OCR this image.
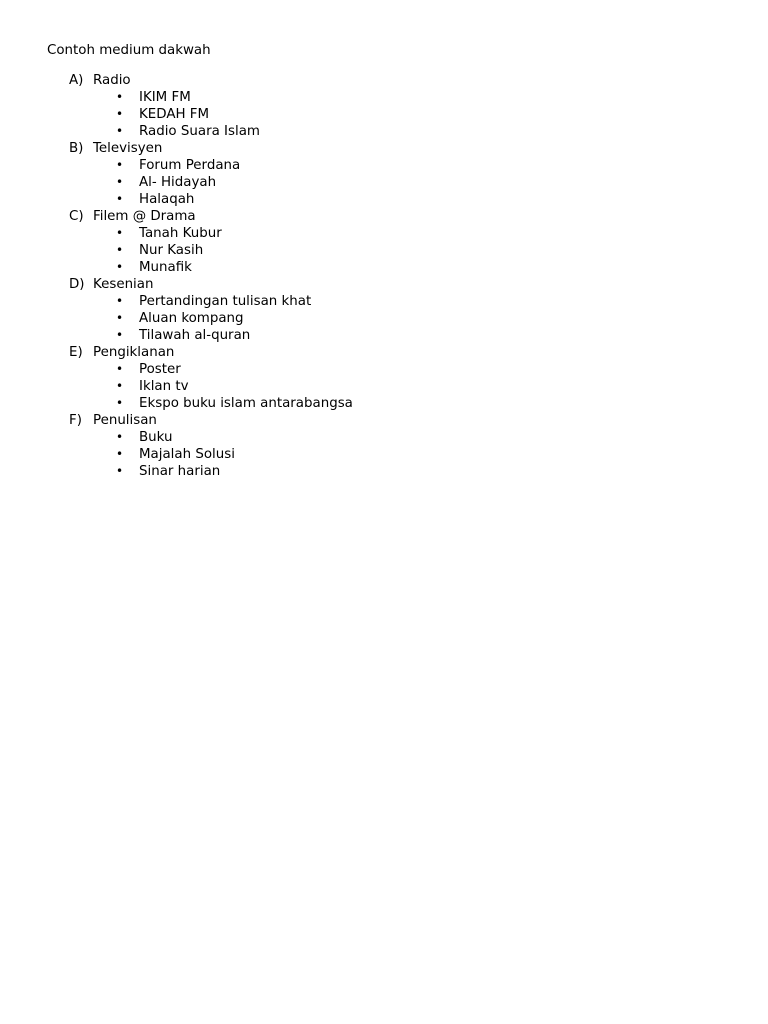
Contoh medium dakwah
A) Radio
• IKIM FM
• KEDAH FM
• Radio Suara Islam
B) Televisyen
• Forum Perdana
• Al- Hidayah
• Halaqah
C) Filem @ Drama
• Tanah Kubur
• Nur Kasih
• Munafik
D) Kesenian
• Pertandingan tulisan khat
• Aluan kompang
• Tilawah al-quran
E) Pengiklanan
• Poster
• Iklan tv
• Ekspo buku islam antarabangsa
F) Penulisan
• Buku
• Majalah Solusi
• Sinar harian
